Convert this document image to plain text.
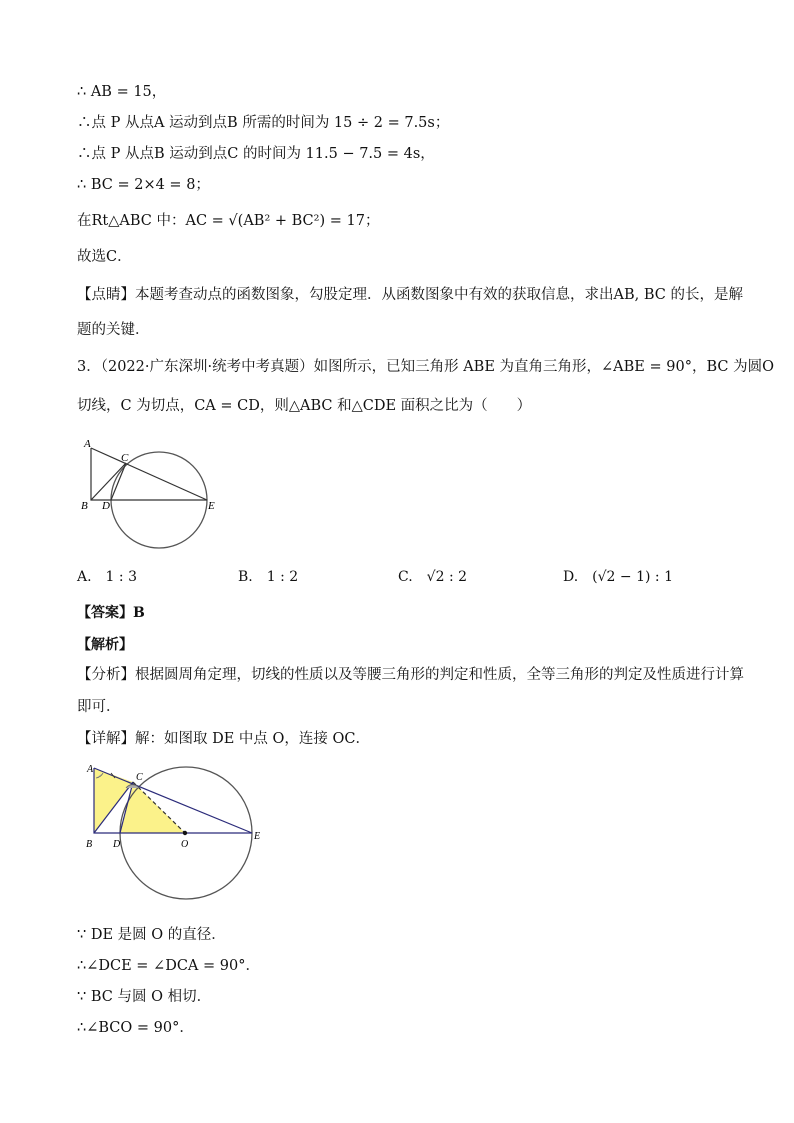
∴ AB = 15，
∴点 P 从点A 运动到点B 所需的时间为 15 ÷ 2 = 7.5s；
∴点 P 从点B 运动到点C 的时间为 11.5 − 7.5 = 4s，
∴ BC = 2×4 = 8；
在Rt△ABC 中：AC = √(AB² + BC²) = 17；
故选C．
【点睛】本题考查动点的函数图象，勾股定理．从函数图象中有效的获取信息，求出AB, BC 的长，是解
题的关键．
3．（2022·广东深圳·统考中考真题）如图所示，已知三角形 ABE 为直角三角形，∠ABE = 90°，BC 为圆O
切线，C 为切点，CA = CD，则△ABC 和△CDE 面积之比为（　　）
A
B
C
D	E
A.　1 : 3	B.　1 : 2	C.　√2 : 2	D.　(√2 − 1) : 1
【答案】B
【解析】
【分析】根据圆周角定理，切线的性质以及等腰三角形的判定和性质，全等三角形的判定及性质进行计算
即可．
【详解】解：如图取 DE 中点 O，连接 OC．
A
B
C
D	O
E
∵ DE 是圆 O 的直径．
∴∠DCE = ∠DCA = 90°．
∵ BC 与圆 O 相切．
∴∠BCO = 90°．
